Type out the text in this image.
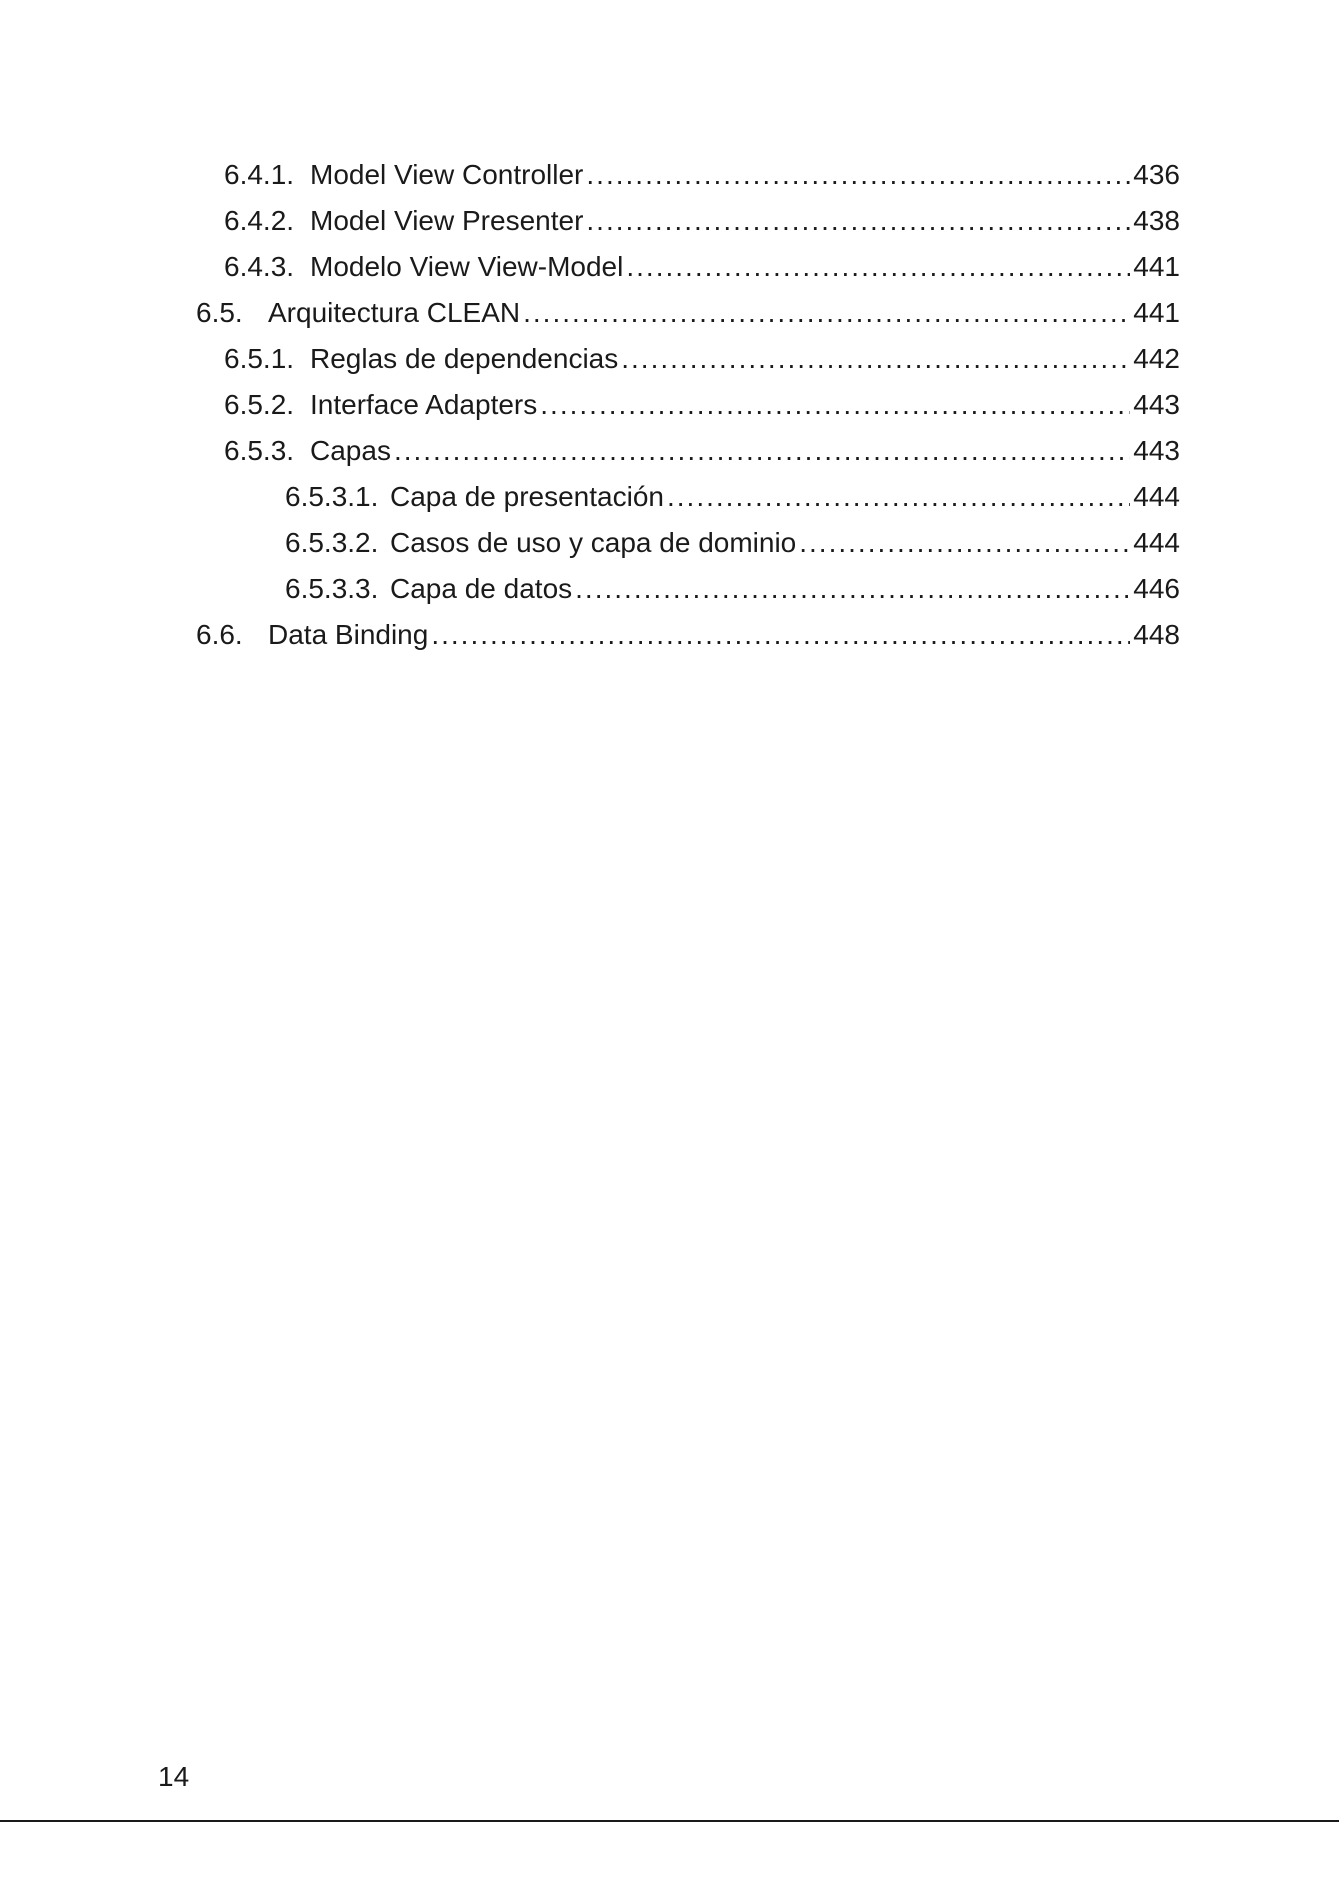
6.4.1. Model View Controller .....	436
6.4.2. Model View Presenter .....	438
6.4.3. Modelo View View-Model .....	441
6.5. Arquitectura CLEAN .....	441
6.5.1. Reglas de dependencias .....	442
6.5.2. Interface Adapters .....	443
6.5.3. Capas .....	443
6.5.3.1. Capa de presentación .....	444
6.5.3.2. Casos de uso y capa de dominio .....	444
6.5.3.3. Capa de datos .....	446
6.6. Data Binding .....	448
14
